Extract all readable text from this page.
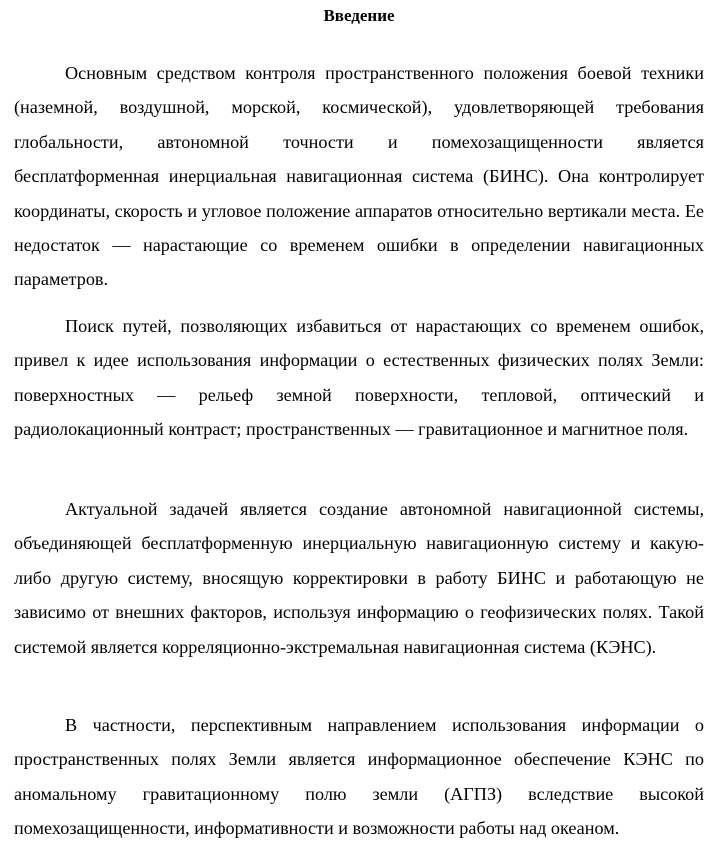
Введение

Основным средством контроля пространственного положения боевой техники (наземной, воздушной, морской, космической), удовлетворяющей требования глобальности, автономной точности и помехозащищенности является бесплатформенная инерциальная навигационная система (БИНС). Она контролирует координаты, скорость и угловое положение аппаратов относительно вертикали места. Ее недостаток — нарастающие со временем ошибки в определении навигационных параметров.

Поиск путей, позволяющих избавиться от нарастающих со временем ошибок, привел к идее использования информации о естественных физических полях Земли: поверхностных — рельеф земной поверхности, тепловой, оптический и радиолокационный контраст; пространственных — гравитационное и магнитное поля.

Актуальной задачей является создание автономной навигационной системы, объединяющей бесплатформенную инерциальную навигационную систему и какую-либо другую систему, вносящую корректировки в работу БИНС и работающую не зависимо от внешних факторов, используя информацию о геофизических полях. Такой системой является корреляционно-экстремальная навигационная система (КЭНС).

В частности, перспективным направлением использования информации о пространственных полях Земли является информационное обеспечение КЭНС по аномальному гравитационному полю земли (АГПЗ) вследствие высокой помехозащищенности, информативности и возможности работы над океаном.
